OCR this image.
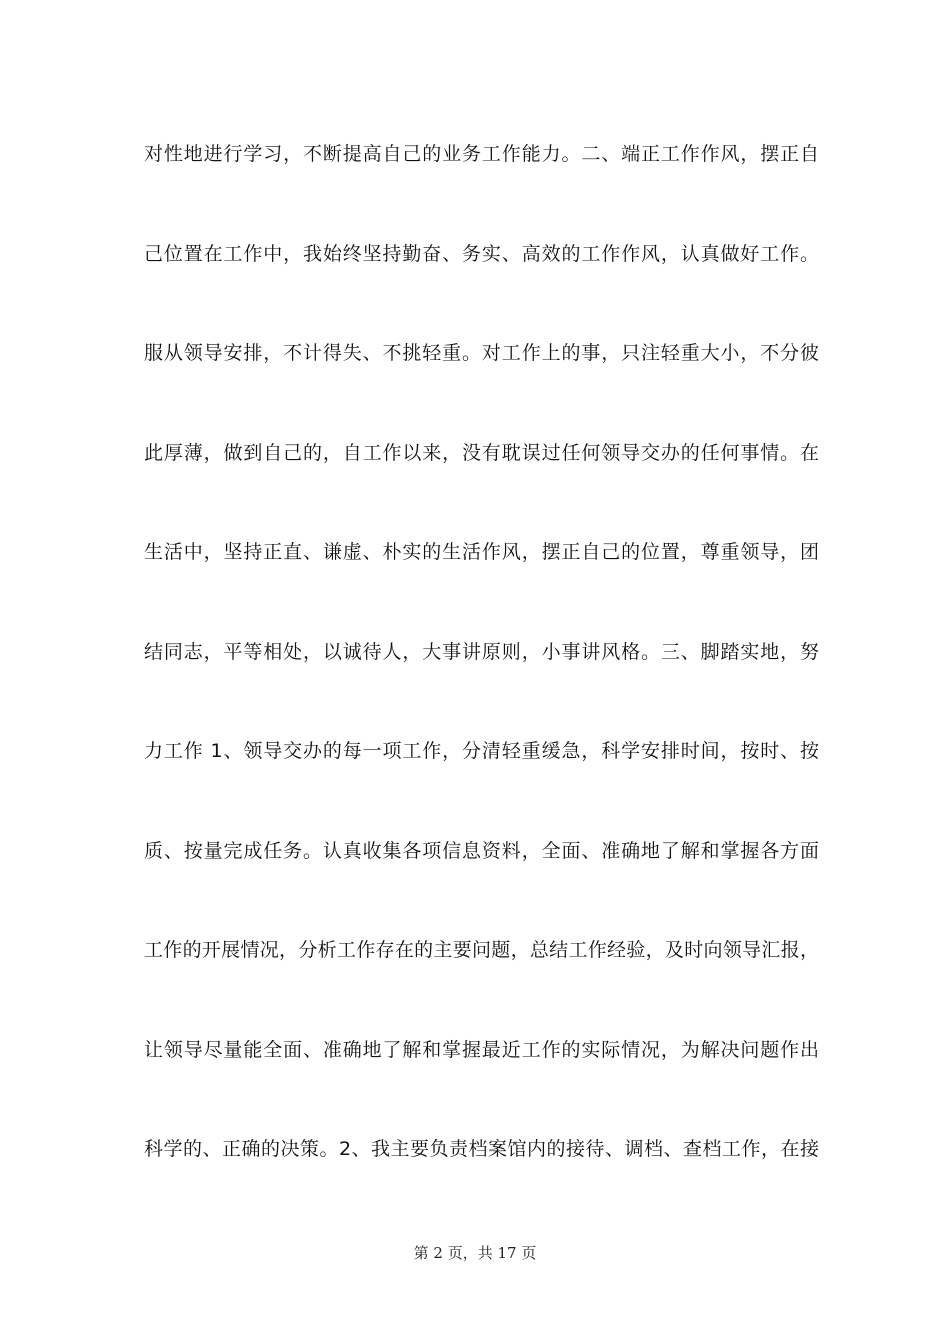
对性地进行学习，不断提高自己的业务工作能力。二、端正工作作风，摆正自
己位置在工作中，我始终坚持勤奋、务实、高效的工作作风，认真做好工作。
服从领导安排，不计得失、不挑轻重。对工作上的事，只注轻重大小，不分彼
此厚薄，做到自己的，自工作以来，没有耽误过任何领导交办的任何事情。在
生活中，坚持正直、谦虚、朴实的生活作风，摆正自己的位置，尊重领导，团
结同志，平等相处，以诚待人，大事讲原则，小事讲风格。三、脚踏实地，努
力工作 1、领导交办的每一项工作，分清轻重缓急，科学安排时间，按时、按
质、按量完成任务。认真收集各项信息资料，全面、准确地了解和掌握各方面
工作的开展情况，分析工作存在的主要问题，总结工作经验，及时向领导汇报，
让领导尽量能全面、准确地了解和掌握最近工作的实际情况，为解决问题作出
科学的、正确的决策。2、我主要负责档案馆内的接待、调档、查档工作，在接
第 2 页，共 17 页
